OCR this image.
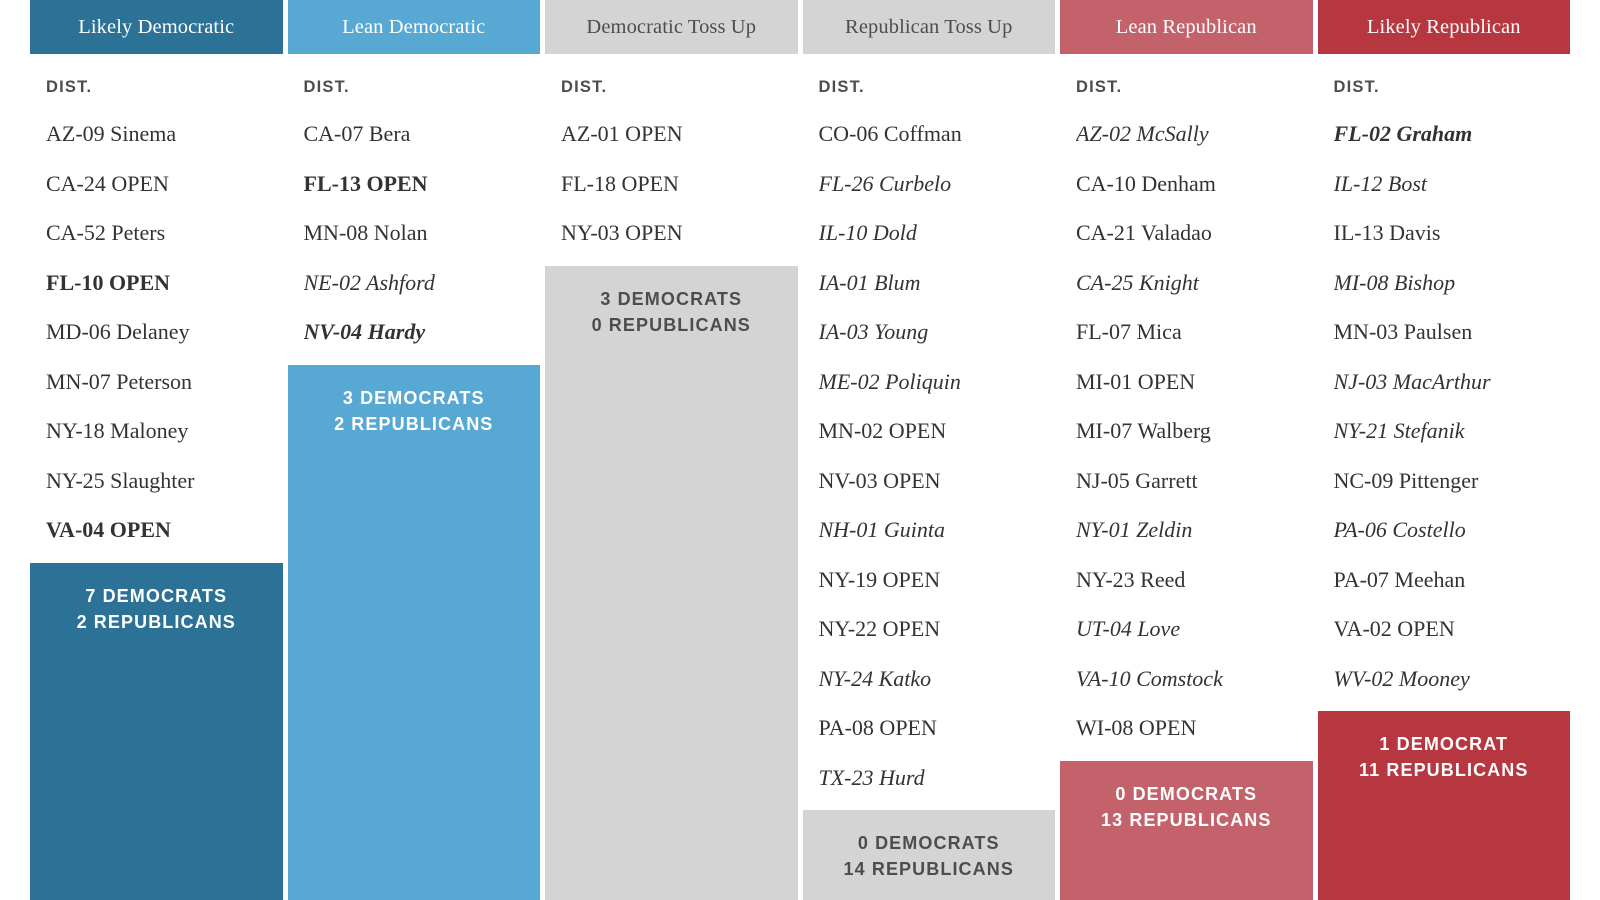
Likely Democratic
DIST.
AZ-09 Sinema
CA-24 OPEN
CA-52 Peters
FL-10 OPEN
MD-06 Delaney
MN-07 Peterson
NY-18 Maloney
NY-25 Slaughter
VA-04 OPEN
7 DEMOCRATS
2 REPUBLICANS
Lean Democratic
DIST.
CA-07 Bera
FL-13 OPEN
MN-08 Nolan
NE-02 Ashford
NV-04 Hardy
3 DEMOCRATS
2 REPUBLICANS
Democratic Toss Up
DIST.
AZ-01 OPEN
FL-18 OPEN
NY-03 OPEN
3 DEMOCRATS
0 REPUBLICANS
Republican Toss Up
DIST.
CO-06 Coffman
FL-26 Curbelo
IL-10 Dold
IA-01 Blum
IA-03 Young
ME-02 Poliquin
MN-02 OPEN
NV-03 OPEN
NH-01 Guinta
NY-19 OPEN
NY-22 OPEN
NY-24 Katko
PA-08 OPEN
TX-23 Hurd
0 DEMOCRATS
14 REPUBLICANS
Lean Republican
DIST.
AZ-02 McSally
CA-10 Denham
CA-21 Valadao
CA-25 Knight
FL-07 Mica
MI-01 OPEN
MI-07 Walberg
NJ-05 Garrett
NY-01 Zeldin
NY-23 Reed
UT-04 Love
VA-10 Comstock
WI-08 OPEN
0 DEMOCRATS
13 REPUBLICANS
Likely Republican
DIST.
FL-02 Graham
IL-12 Bost
IL-13 Davis
MI-08 Bishop
MN-03 Paulsen
NJ-03 MacArthur
NY-21 Stefanik
NC-09 Pittenger
PA-06 Costello
PA-07 Meehan
VA-02 OPEN
WV-02 Mooney
1 DEMOCRAT
11 REPUBLICANS
